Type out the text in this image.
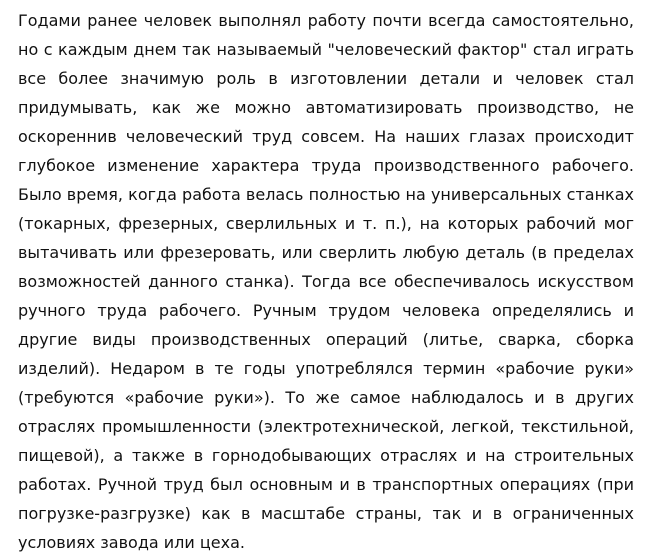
Годами ранее человек выполнял работу почти всегда самостоятельно,
но с каждым днем так называемый "человеческий фактор" стал играть
все более значимую роль в изготовлении детали и человек стал
придумывать, как же можно автоматизировать производство, не
оскореннив человеческий труд совсем. На наших глазах происходит
глубокое изменение характера труда производственного рабочего.
Было время, когда работа велась полностью на универсальных станках
(токарных, фрезерных, сверлильных и т. п.), на которых рабочий мог
вытачивать или фрезеровать, или сверлить любую деталь (в пределах
возможностей данного станка). Тогда все обеспечивалось искусством
ручного труда рабочего. Ручным трудом человека определялись и
другие виды производственных операций (литье, сварка, сборка
изделий). Недаром в те годы употреблялся термин «рабочие руки»
(требуются «рабочие руки»). То же самое наблюдалось и в других
отраслях промышленности (электротехнической, легкой, текстильной,
пищевой), а также в горнодобывающих отраслях и на строительных
работах. Ручной труд был основным и в транспортных операциях (при
погрузке-разгрузке) как в масштабе страны, так и в ограниченных
условиях завода или цеха.
